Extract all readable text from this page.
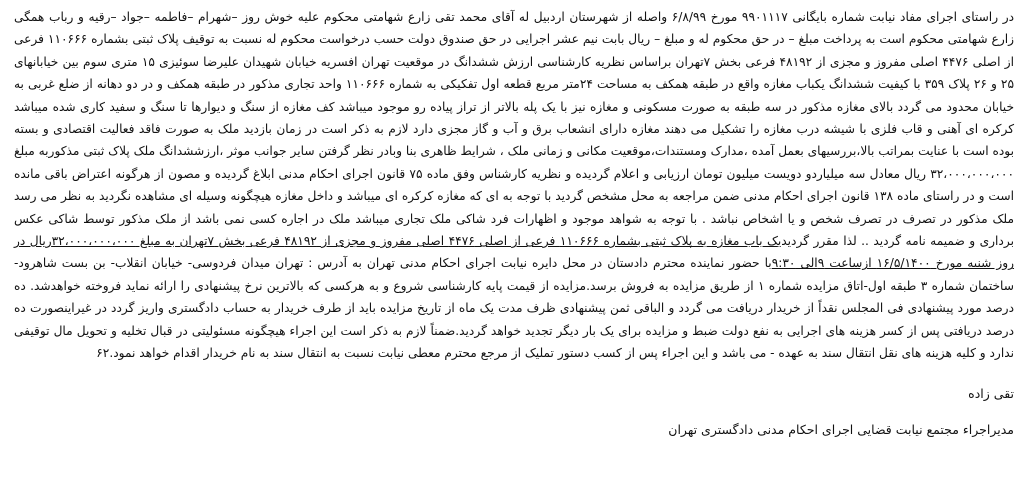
در راستای اجرای مفاد نیابت شماره بایگانی ۹۹۰۱۱۱۷ مورخ ۶/۸/۹۹ واصله از شهرستان اردبیل له آقای محمد تقی زارع شهامتی محکوم علیه خوش روز –شهرام –فاطمه –جواد –رقیه و رباب همگی زارع شهامتی محکوم است به پرداخت مبلغ – در حق محکوم له و مبلغ – ریال بابت نیم عشر اجرایی در حق صندوق دولت حسب درخواست محکوم له نسبت به توقیف پلاک ثبتی بشماره ۱۱۰۶۶۶ فرعی از اصلی ۴۴۷۶ اصلی مفروز و مجزی از ۴۸۱۹۲ فرعی بخش ۷تهران براساس نظریه کارشناسی ارزش ششدانگ در موقعیت تهران افسریه خیابان شهیدان علیرضا سوئیزی ۱۵ متری سوم بین خیابانهای ۲۵ و ۲۶ پلاک ۳۵۹ با کیفیت ششدانگ یکباب مغازه واقع در طبقه همکف به مساحت ۲۴متر مربع قطعه اول تفکیکی به شماره ۱۱۰۶۶۶ واحد تجاری مذکور در طبقه همکف و در دو دهانه از ضلع غربی به خیابان محدود می گردد بالای مغازه مذکور در سه طبقه به صورت مسکونی و مغازه نیز با یک پله بالاتر از تراز پیاده رو موجود میباشد کف مغازه از سنگ و دیوارها تا سنگ و سفید کاری شده میباشد کرکره ای آهنی و قاب فلزی با شیشه درب مغازه را تشکیل می دهند مغازه دارای انشعاب برق و آب و گاز مجزی دارد لازم به ذکر است در زمان بازدید ملک به صورت فاقد فعالیت اقتصادی و بسته بوده است با عنایت بمراتب بالا،بررسیهای بعمل آمده ،مدارک ومستندات،موقعیت مکانی و زمانی ملک ، شرایط ظاهری بنا وبادر نظر گرفتن سایر جوانب موثر ،ارزششدانگ ملک پلاک ثبتی مذکوربه مبلغ ۳۲،۰۰۰،۰۰۰،۰۰۰ ریال معادل سه میلیاردو دویست میلیون تومان ارزیابی و اعلام گردیده و نظریه کارشناس وفق ماده ۷۵ قانون اجرای احکام مدنی ابلاغ گردیده و مصون از هرگونه اعتراض باقی مانده است و در راستای ماده ۱۳۸ قانون اجرای احکام مدنی ضمن مراجعه به محل مشخص گردید با توجه به ای که مغازه کرکره ای میباشد و داخل مغازه هیچگونه وسیله ای مشاهده نگردید به نظر می رسد ملک مذکور در تصرف در تصرف شخص و یا اشخاص نباشد . با توجه به شواهد موجود و اظهارات فرد شاکی ملک تجاری میباشد ملک در اجاره کسی نمی باشد از ملک مذکور توسط شاکی عکس برداری و ضمیمه نامه گردید .. لذا مقرر گردیدیک باب مغازه به پلاک ثبتی بشماره ۱۱۰۶۶۶ فرعی از اصلی ۴۴۷۶ اصلی مفروز و مجزی از ۴۸۱۹۲ فرعی بخش ۷تهران به مبلغ ۳۲،۰۰۰،۰۰۰،۰۰۰ریال در روز شنبه مورخ ۱۶/۵/۱۴۰۰ ازساعت ۹الی ۹:۳۰با حضور نماینده محترم دادستان در محل دایره نیابت اجرای احکام مدنی تهران به آدرس : تهران میدان فردوسی- خیابان انقلاب- بن بست شاهرود- ساختمان شماره ۳ طبقه اول-اتاق مزایده شماره ۱ از طریق مزایده به فروش برسد.مزایده از قیمت پایه کارشناسی شروع و به هرکسی که بالاترین نرخ پیشنهادی را ارائه نماید فروخته خواهدشد. ده درصد مورد پیشنهادی فی المجلس نقداً از خریدار دریافت می گردد و الباقی ثمن پیشنهادی ظرف مدت یک ماه از تاریخ مزایده باید از طرف خریدار به حساب دادگستری واریز گردد در غیراینصورت ده درصد دریافتی پس از کسر هزینه های اجرایی به نفع دولت ضبط و مزایده برای یک بار دیگر تجدید خواهد گردید.ضمناً لازم به ذکر است این اجراء هیچگونه مسئولیتی در قبال تخلیه و تحویل مال توقیفی ندارد و کلیه هزینه های نقل انتقال سند به عهده - می باشد و این اجراء پس از کسب دستور تملیک از مرجع محترم معطی نیابت نسبت به انتقال سند به نام خریدار اقدام خواهد نمود.۶۲

تقی زاده
مدیراجراء مجتمع نیابت قضایی اجرای احکام مدنی دادگستری تهران
